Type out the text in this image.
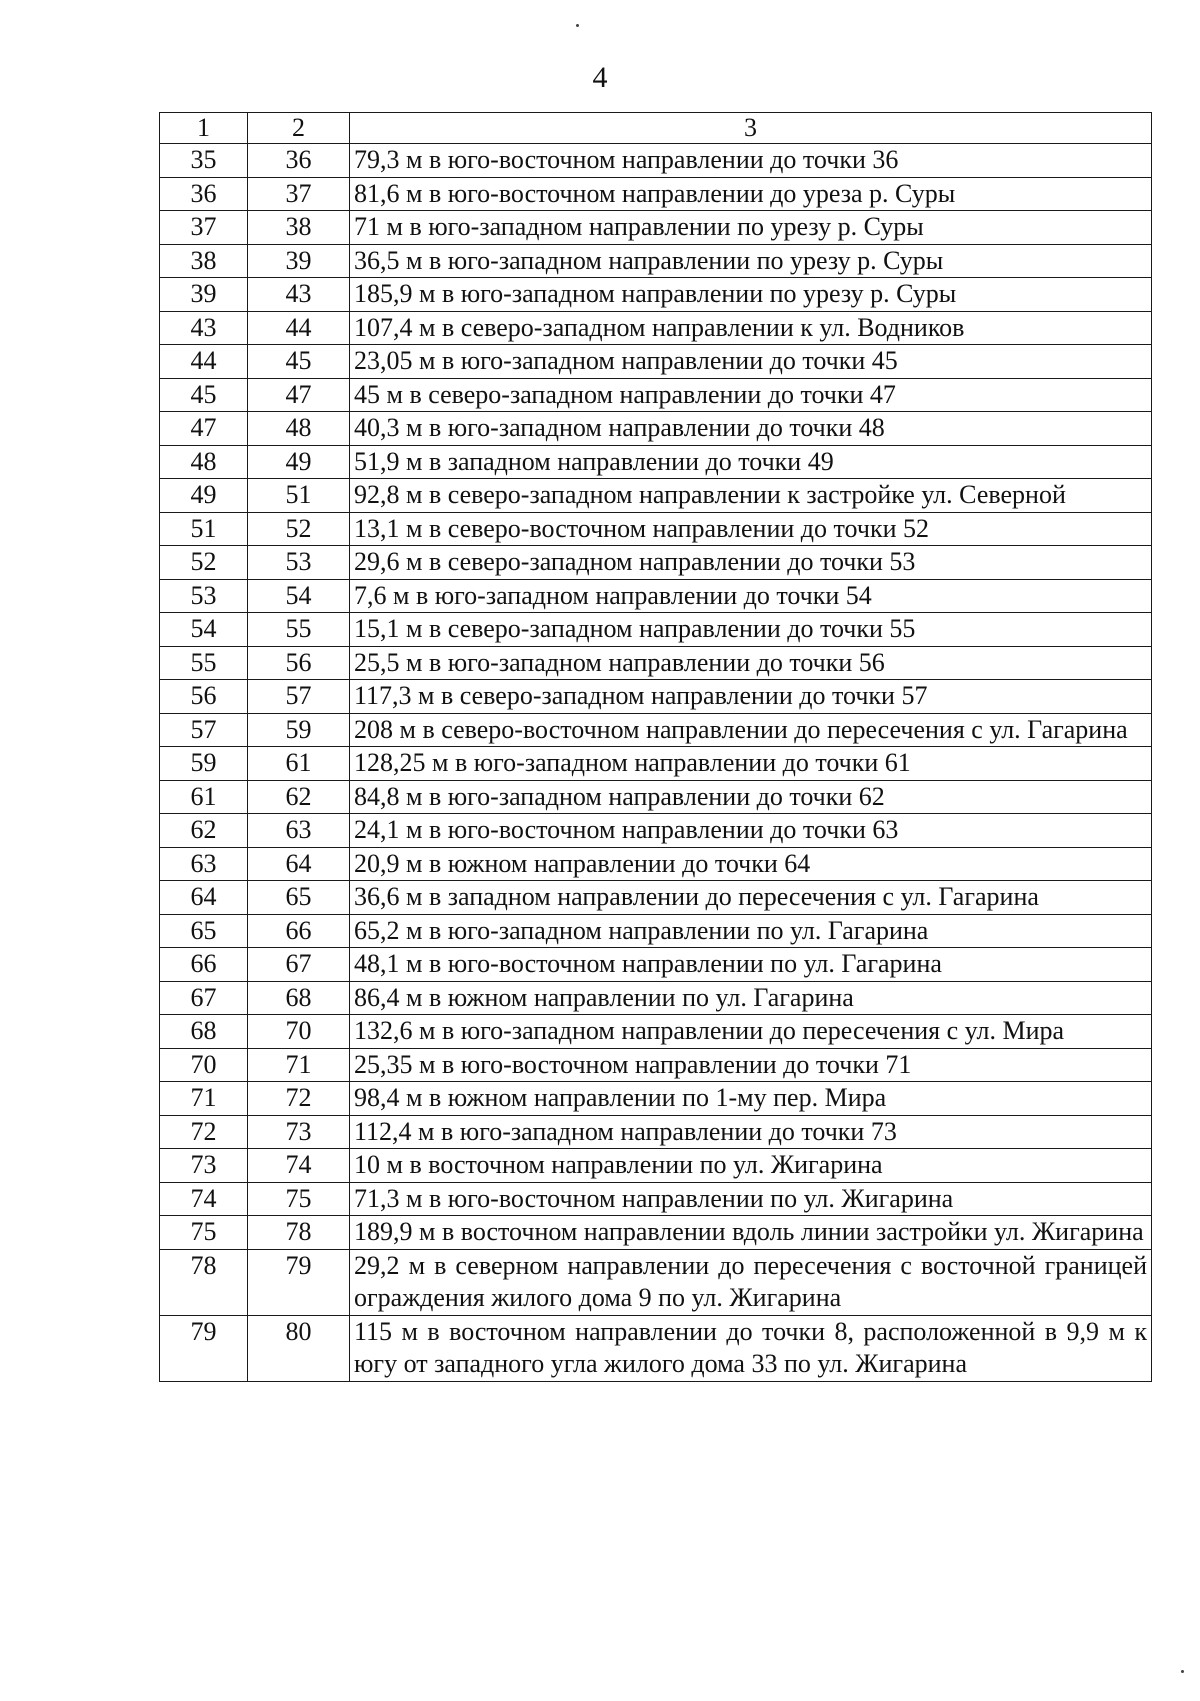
4
1	2	3
35	36	79,3 м в юго-восточном направлении до точки 36
36	37	81,6 м в юго-восточном направлении до уреза р. Суры
37	38	71 м в юго-западном направлении по урезу р. Суры
38	39	36,5 м в юго-западном направлении по урезу р. Суры
39	43	185,9 м в юго-западном направлении по урезу р. Суры
43	44	107,4 м в северо-западном направлении к ул. Водников
44	45	23,05 м в юго-западном направлении до точки 45
45	47	45 м в северо-западном направлении до точки 47
47	48	40,3 м в юго-западном направлении до точки 48
48	49	51,9 м в западном направлении до точки 49
49	51	92,8 м в северо-западном направлении к застройке ул. Северной
51	52	13,1 м в северо-восточном направлении до точки 52
52	53	29,6 м в северо-западном направлении до точки 53
53	54	7,6 м в юго-западном направлении до точки 54
54	55	15,1 м в северо-западном направлении до точки 55
55	56	25,5 м в юго-западном направлении до точки 56
56	57	117,3 м в северо-западном направлении до точки 57
57	59	208 м в северо-восточном направлении до пересечения с ул. Гагарина
59	61	128,25 м в юго-западном направлении до точки 61
61	62	84,8 м в юго-западном направлении до точки 62
62	63	24,1 м в юго-восточном направлении до точки 63
63	64	20,9 м в южном направлении до точки 64
64	65	36,6 м в западном направлении до пересечения с ул. Гагарина
65	66	65,2 м в юго-западном направлении по ул. Гагарина
66	67	48,1 м в юго-восточном направлении по ул. Гагарина
67	68	86,4 м в южном направлении по ул. Гагарина
68	70	132,6 м в юго-западном направлении до пересечения с ул. Мира
70	71	25,35 м в юго-восточном направлении до точки 71
71	72	98,4 м в южном направлении по 1-му пер. Мира
72	73	112,4 м в юго-западном направлении до точки 73
73	74	10 м в восточном направлении по ул. Жигарина
74	75	71,3 м в юго-восточном направлении по ул. Жигарина
75	78	189,9 м в восточном направлении вдоль линии застройки ул. Жигарина
78	79	29,2 м в северном направлении до пересечения с восточной границей ограждения жилого дома 9 по ул. Жигарина
79	80	115 м в восточном направлении до точки 8, расположенной в 9,9 м к югу от западного угла жилого дома 33 по ул. Жигарина
